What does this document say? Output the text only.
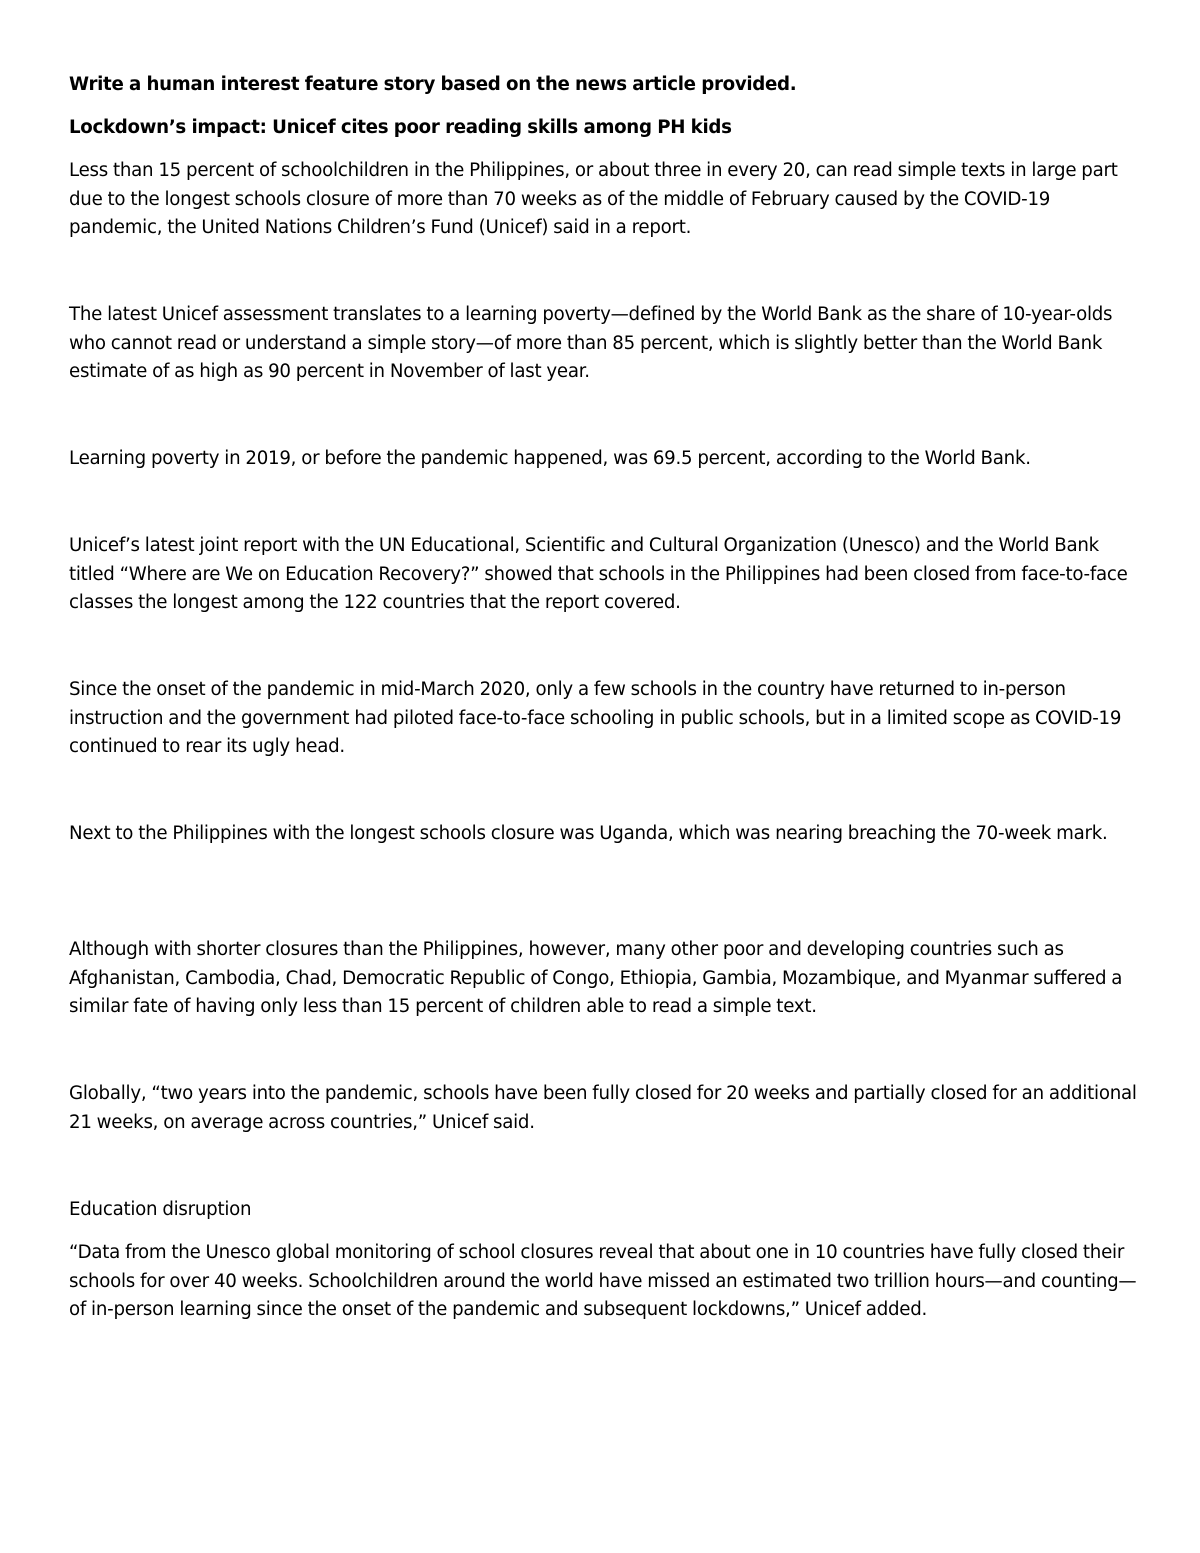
Write a human interest feature story based on the news article provided.

Lockdown’s impact: Unicef cites poor reading skills among PH kids

Less than 15 percent of schoolchildren in the Philippines, or about three in every 20, can read simple texts in large part due to the longest schools closure of more than 70 weeks as of the middle of February caused by the COVID-19 pandemic, the United Nations Children’s Fund (Unicef) said in a report.

The latest Unicef assessment translates to a learning poverty—defined by the World Bank as the share of 10-year-olds who cannot read or understand a simple story—of more than 85 percent, which is slightly better than the World Bank estimate of as high as 90 percent in November of last year.

Learning poverty in 2019, or before the pandemic happened, was 69.5 percent, according to the World Bank.

Unicef’s latest joint report with the UN Educational, Scientific and Cultural Organization (Unesco) and the World Bank titled “Where are We on Education Recovery?” showed that schools in the Philippines had been closed from face-to-face classes the longest among the 122 countries that the report covered.

Since the onset of the pandemic in mid-March 2020, only a few schools in the country have returned to in-person instruction and the government had piloted face-to-face schooling in public schools, but in a limited scope as COVID-19 continued to rear its ugly head.

Next to the Philippines with the longest schools closure was Uganda, which was nearing breaching the 70-week mark.

Although with shorter closures than the Philippines, however, many other poor and developing countries such as Afghanistan, Cambodia, Chad, Democratic Republic of Congo, Ethiopia, Gambia, Mozambique, and Myanmar suffered a similar fate of having only less than 15 percent of children able to read a simple text.

Globally, “two years into the pandemic, schools have been fully closed for 20 weeks and partially closed for an additional 21 weeks, on average across countries,” Unicef said.

Education disruption

“Data from the Unesco global monitoring of school closures reveal that about one in 10 countries have fully closed their schools for over 40 weeks. Schoolchildren around the world have missed an estimated two trillion hours—and counting—of in-person learning since the onset of the pandemic and subsequent lockdowns,” Unicef added.
